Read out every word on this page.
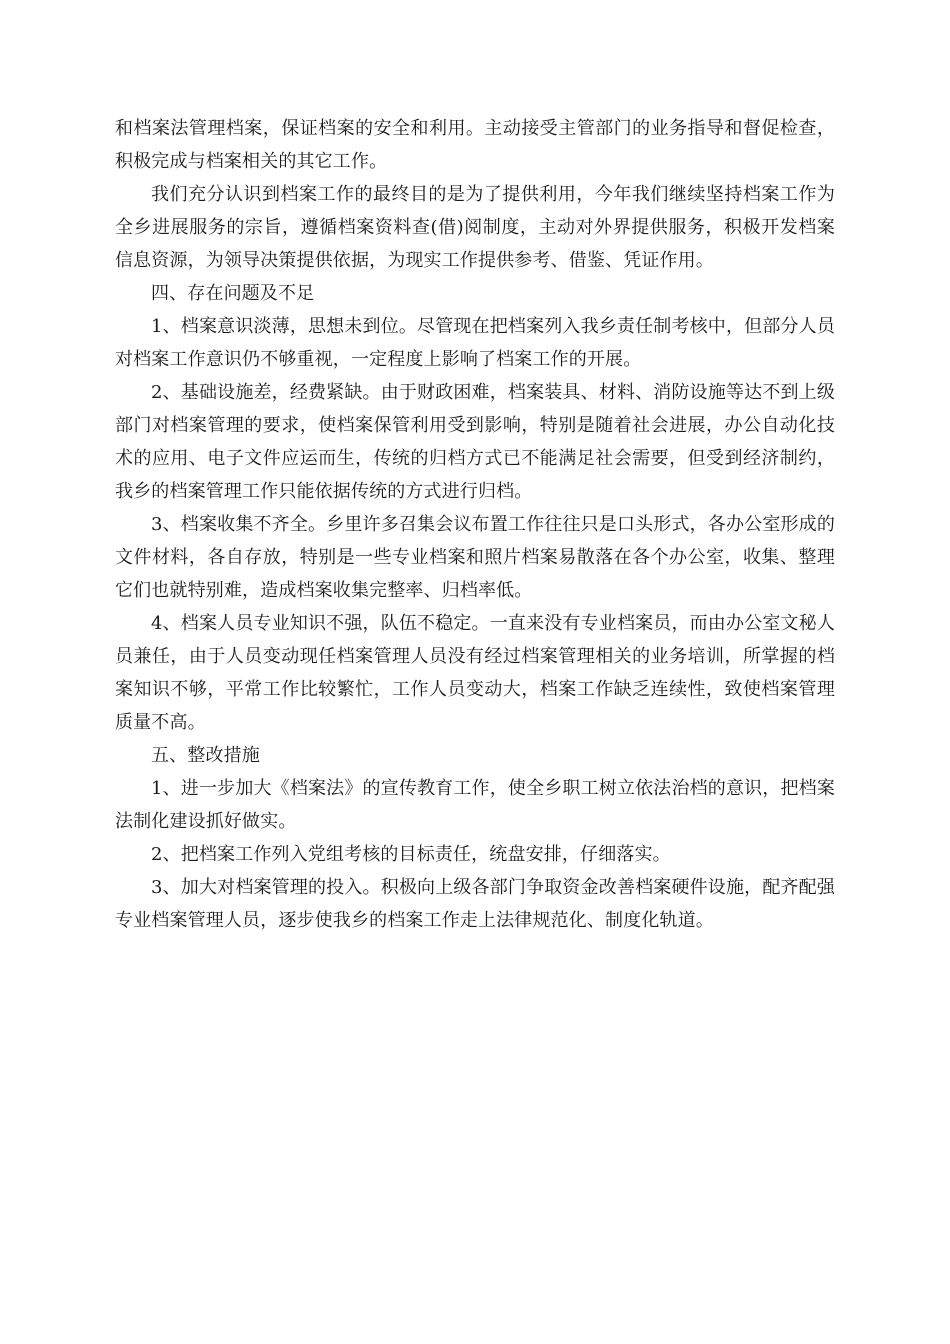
和档案法管理档案，保证档案的安全和利用。主动接受主管部门的业务指导和督促检查，积极完成与档案相关的其它工作。

我们充分认识到档案工作的最终目的是为了提供利用，今年我们继续坚持档案工作为全乡进展服务的宗旨，遵循档案资料查(借)阅制度，主动对外界提供服务，积极开发档案信息资源，为领导决策提供依据，为现实工作提供参考、借鉴、凭证作用。

四、存在问题及不足

1、档案意识淡薄，思想未到位。尽管现在把档案列入我乡责任制考核中，但部分人员对档案工作意识仍不够重视，一定程度上影响了档案工作的开展。

2、基础设施差，经费紧缺。由于财政困难，档案装具、材料、消防设施等达不到上级部门对档案管理的要求，使档案保管利用受到影响，特别是随着社会进展，办公自动化技术的应用、电子文件应运而生，传统的归档方式已不能满足社会需要，但受到经济制约，我乡的档案管理工作只能依据传统的方式进行归档。

3、档案收集不齐全。乡里许多召集会议布置工作往往只是口头形式，各办公室形成的文件材料，各自存放，特别是一些专业档案和照片档案易散落在各个办公室，收集、整理它们也就特别难，造成档案收集完整率、归档率低。

4、档案人员专业知识不强，队伍不稳定。一直来没有专业档案员，而由办公室文秘人员兼任，由于人员变动现任档案管理人员没有经过档案管理相关的业务培训，所掌握的档案知识不够，平常工作比较繁忙，工作人员变动大，档案工作缺乏连续性，致使档案管理质量不高。

五、整改措施

1、进一步加大《档案法》的宣传教育工作，使全乡职工树立依法治档的意识，把档案法制化建设抓好做实。

2、把档案工作列入党组考核的目标责任，统盘安排，仔细落实。

3、加大对档案管理的投入。积极向上级各部门争取资金改善档案硬件设施，配齐配强专业档案管理人员，逐步使我乡的档案工作走上法律规范化、制度化轨道。
